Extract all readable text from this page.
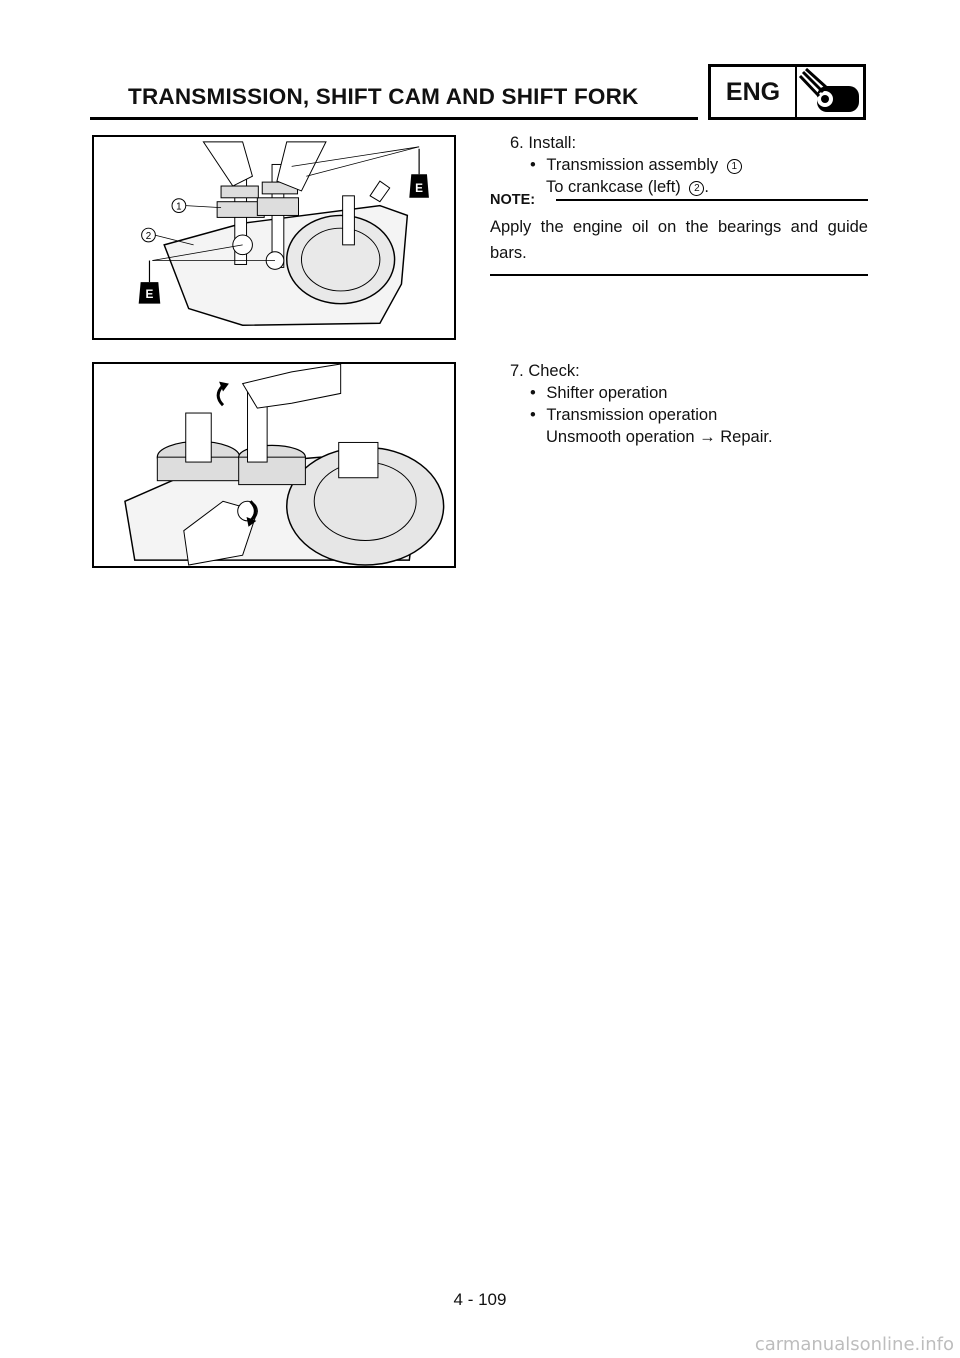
TRANSMISSION, SHIFT CAM AND SHIFT FORK	ENG
1
2
E
E
6. Install:
• Transmission assembly 1
To crankcase (left) 2 .
NOTE:
Apply the engine oil on the bearings and guide bars.
7. Check:
• Shifter operation
• Transmission operation
Unsmooth operation → Repair.
4 - 109
carmanualsonline.info
